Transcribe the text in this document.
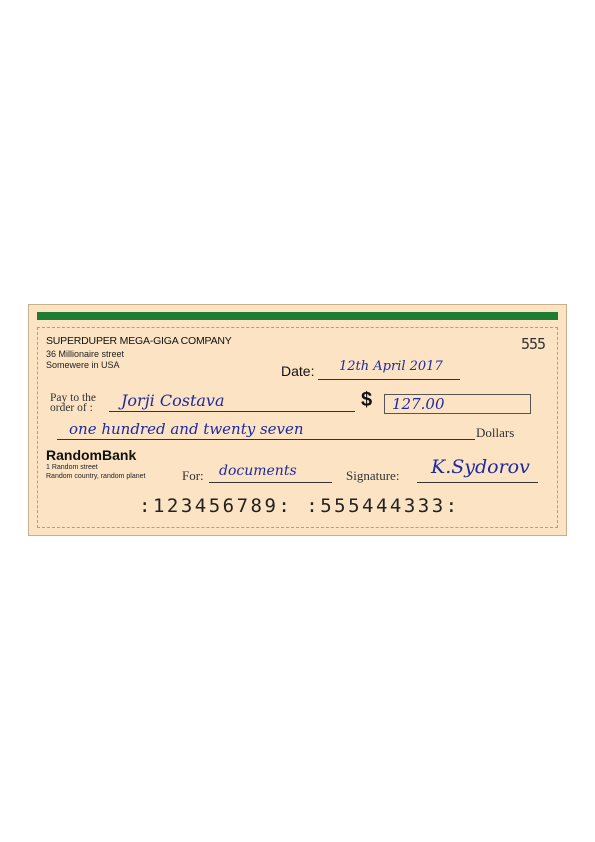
SUPERDUPER MEGA-GIGA COMPANY
36 Millionaire street
Somewere in USA
555
Date: 12th April 2017
Pay to the
order of : Jorji Costava	$ 127.00
one hundred and twenty seven	Dollars
RandomBank
1 Random street
Random country, random planet	For: documents	Signature: K.Sydorov
:123456789: :555444333:
